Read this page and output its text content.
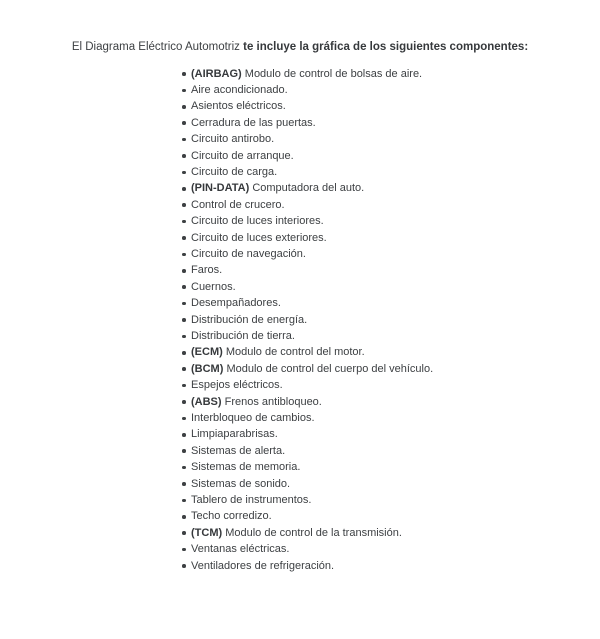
El Diagrama Eléctrico Automotriz te incluye la gráfica de los siguientes componentes:

(AIRBAG) Modulo de control de bolsas de aire.
Aire acondicionado.
Asientos eléctricos.
Cerradura de las puertas.
Circuito antirobo.
Circuito de arranque.
Circuito de carga.
(PIN-DATA) Computadora del auto.
Control de crucero.
Circuito de luces interiores.
Circuito de luces exteriores.
Circuito de navegación.
Faros.
Cuernos.
Desempañadores.
Distribución de energía.
Distribución de tierra.
(ECM) Modulo de control del motor.
(BCM) Modulo de control del cuerpo del vehículo.
Espejos eléctricos.
(ABS) Frenos antibloqueo.
Interbloqueo de cambios.
Limpiaparabrisas.
Sistemas de alerta.
Sistemas de memoria.
Sistemas de sonido.
Tablero de instrumentos.
Techo corredizo.
(TCM) Modulo de control de la transmisión.
Ventanas eléctricas.
Ventiladores de refrigeración.
